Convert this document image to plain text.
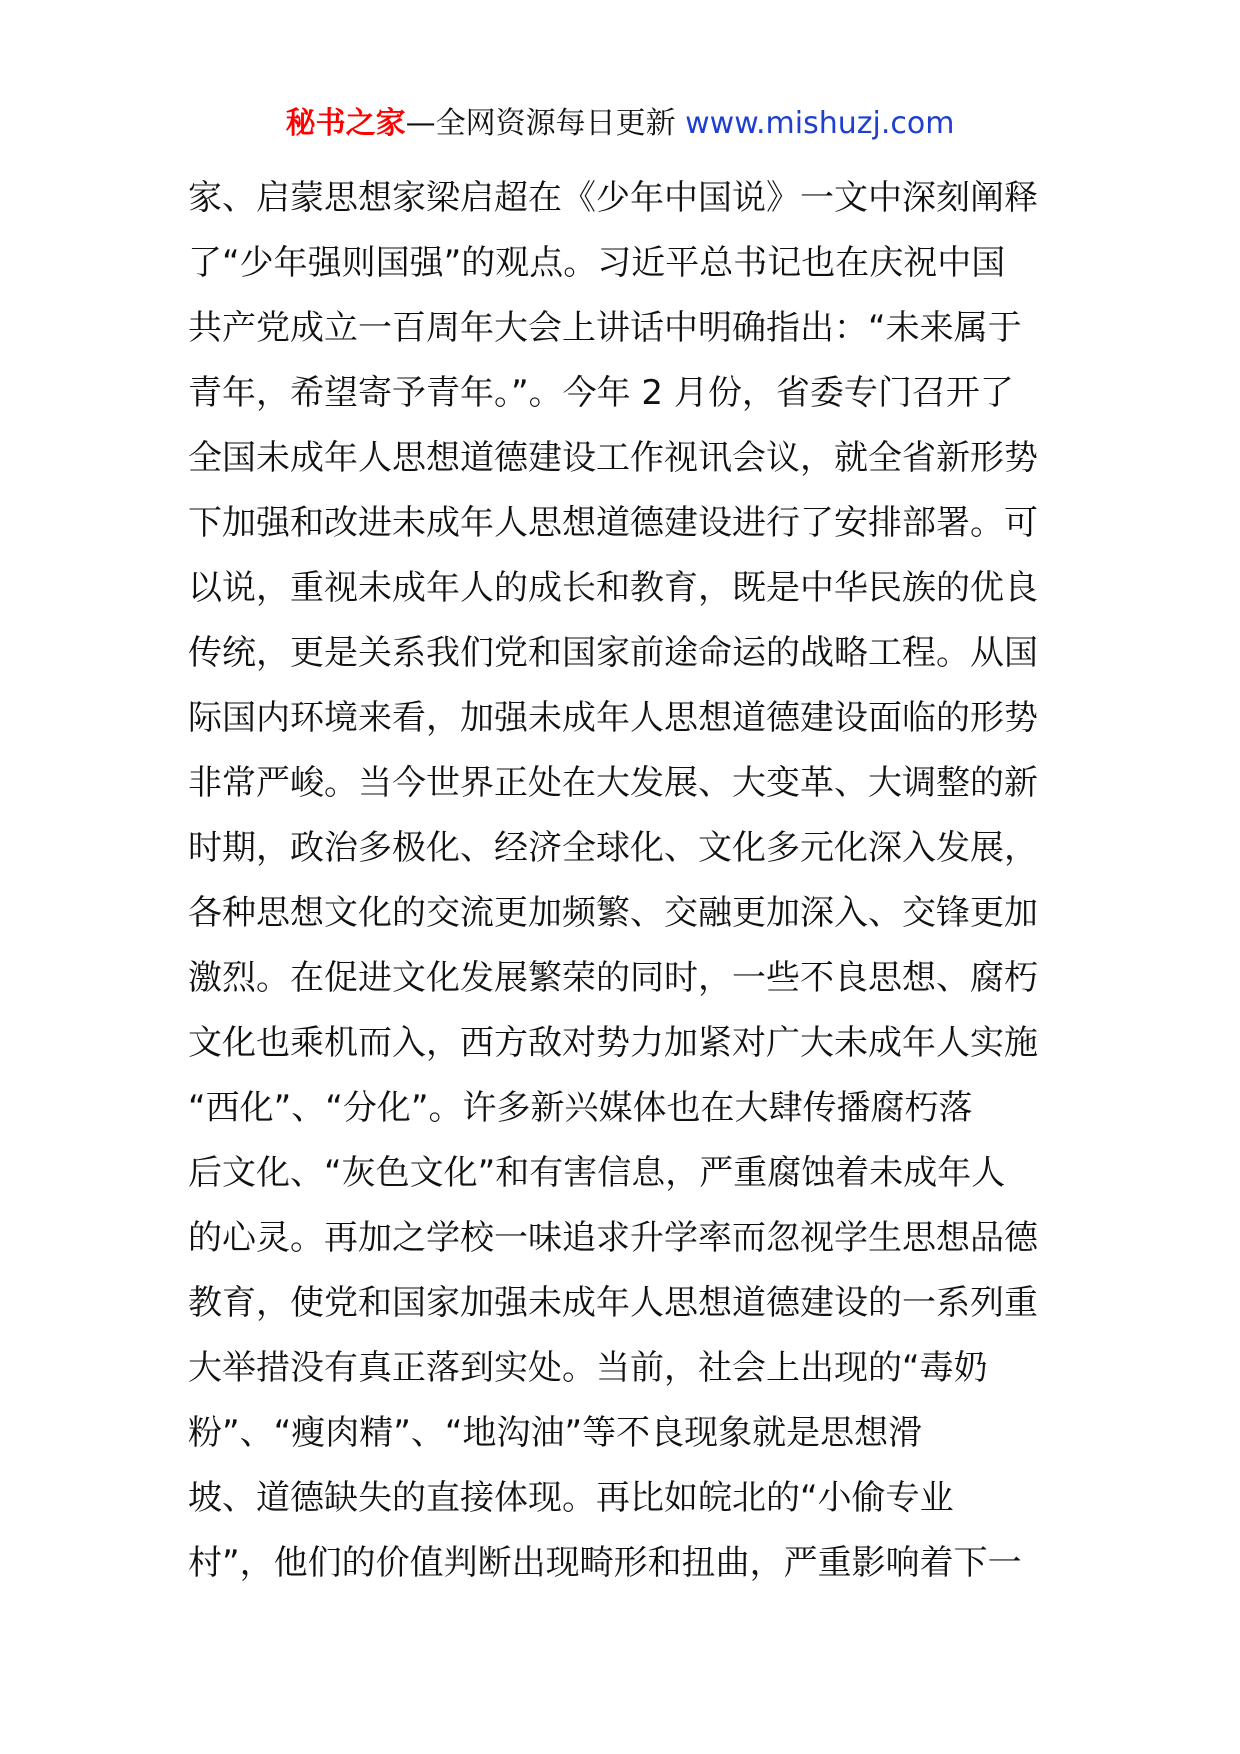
秘书之家—全网资源每日更新 www.mishuzj.com
家、启蒙思想家梁启超在《少年中国说》一文中深刻阐释
了“少年强则国强”的观点。习近平总书记也在庆祝中国
共产党成立一百周年大会上讲话中明确指出：“未来属于
青年，希望寄予青年。”。今年 2 月份，省委专门召开了
全国未成年人思想道德建设工作视讯会议，就全省新形势
下加强和改进未成年人思想道德建设进行了安排部署。可
以说，重视未成年人的成长和教育，既是中华民族的优良
传统，更是关系我们党和国家前途命运的战略工程。从国
际国内环境来看，加强未成年人思想道德建设面临的形势
非常严峻。当今世界正处在大发展、大变革、大调整的新
时期，政治多极化、经济全球化、文化多元化深入发展，
各种思想文化的交流更加频繁、交融更加深入、交锋更加
激烈。在促进文化发展繁荣的同时，一些不良思想、腐朽
文化也乘机而入，西方敌对势力加紧对广大未成年人实施
“西化”、“分化”。许多新兴媒体也在大肆传播腐朽落
后文化、“灰色文化”和有害信息，严重腐蚀着未成年人
的心灵。再加之学校一味追求升学率而忽视学生思想品德
教育，使党和国家加强未成年人思想道德建设的一系列重
大举措没有真正落到实处。当前，社会上出现的“毒奶
粉”、“瘦肉精”、“地沟油”等不良现象就是思想滑
坡、道德缺失的直接体现。再比如皖北的“小偷专业
村”，他们的价值判断出现畸形和扭曲，严重影响着下一
